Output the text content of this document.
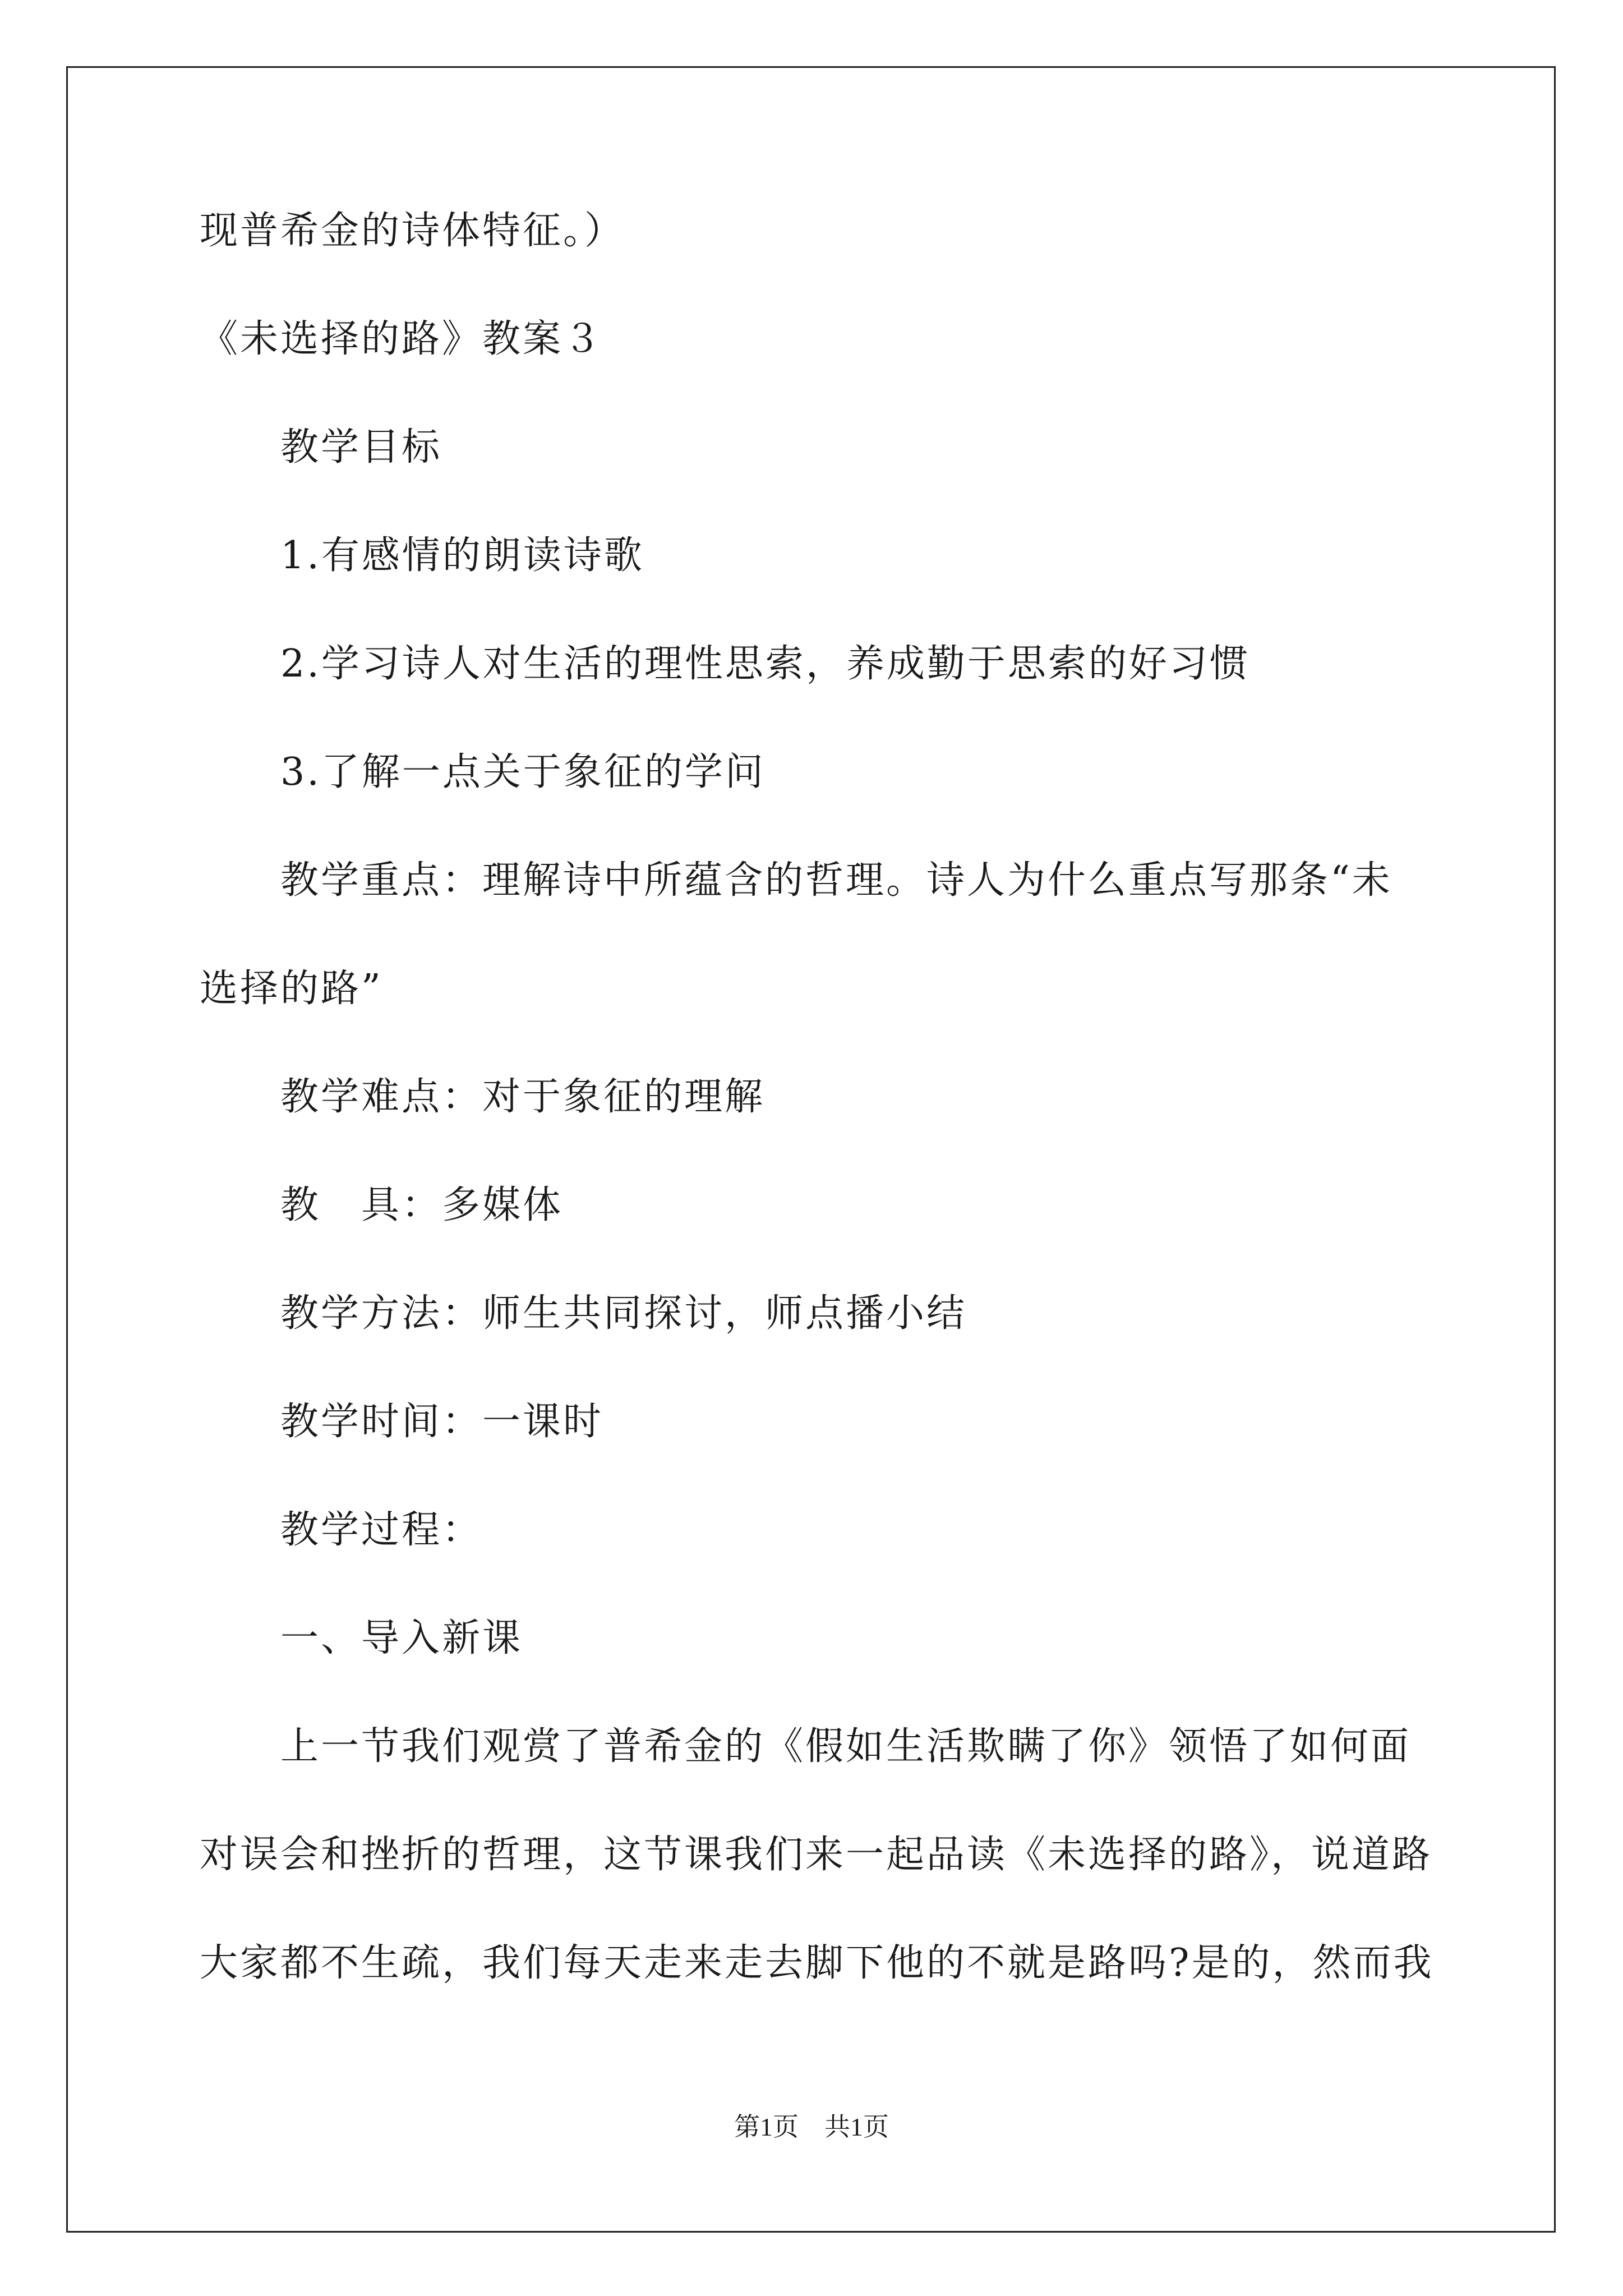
现普希金的诗体特征。）
《未选择的路》教案３
教学目标
1.有感情的朗读诗歌
2.学习诗人对生活的理性思索，养成勤于思索的好习惯
3.了解一点关于象征的学问
教学重点：理解诗中所蕴含的哲理。诗人为什么重点写那条“未
选择的路”
教学难点：对于象征的理解
教　具：多媒体
教学方法：师生共同探讨，师点播小结
教学时间：一课时
教学过程：
一、导入新课
上一节我们观赏了普希金的《假如生活欺瞒了你》领悟了如何面
对误会和挫折的哲理，这节课我们来一起品读《未选择的路》，说道路
大家都不生疏，我们每天走来走去脚下他的不就是路吗?是的，然而我
第1页　共1页
